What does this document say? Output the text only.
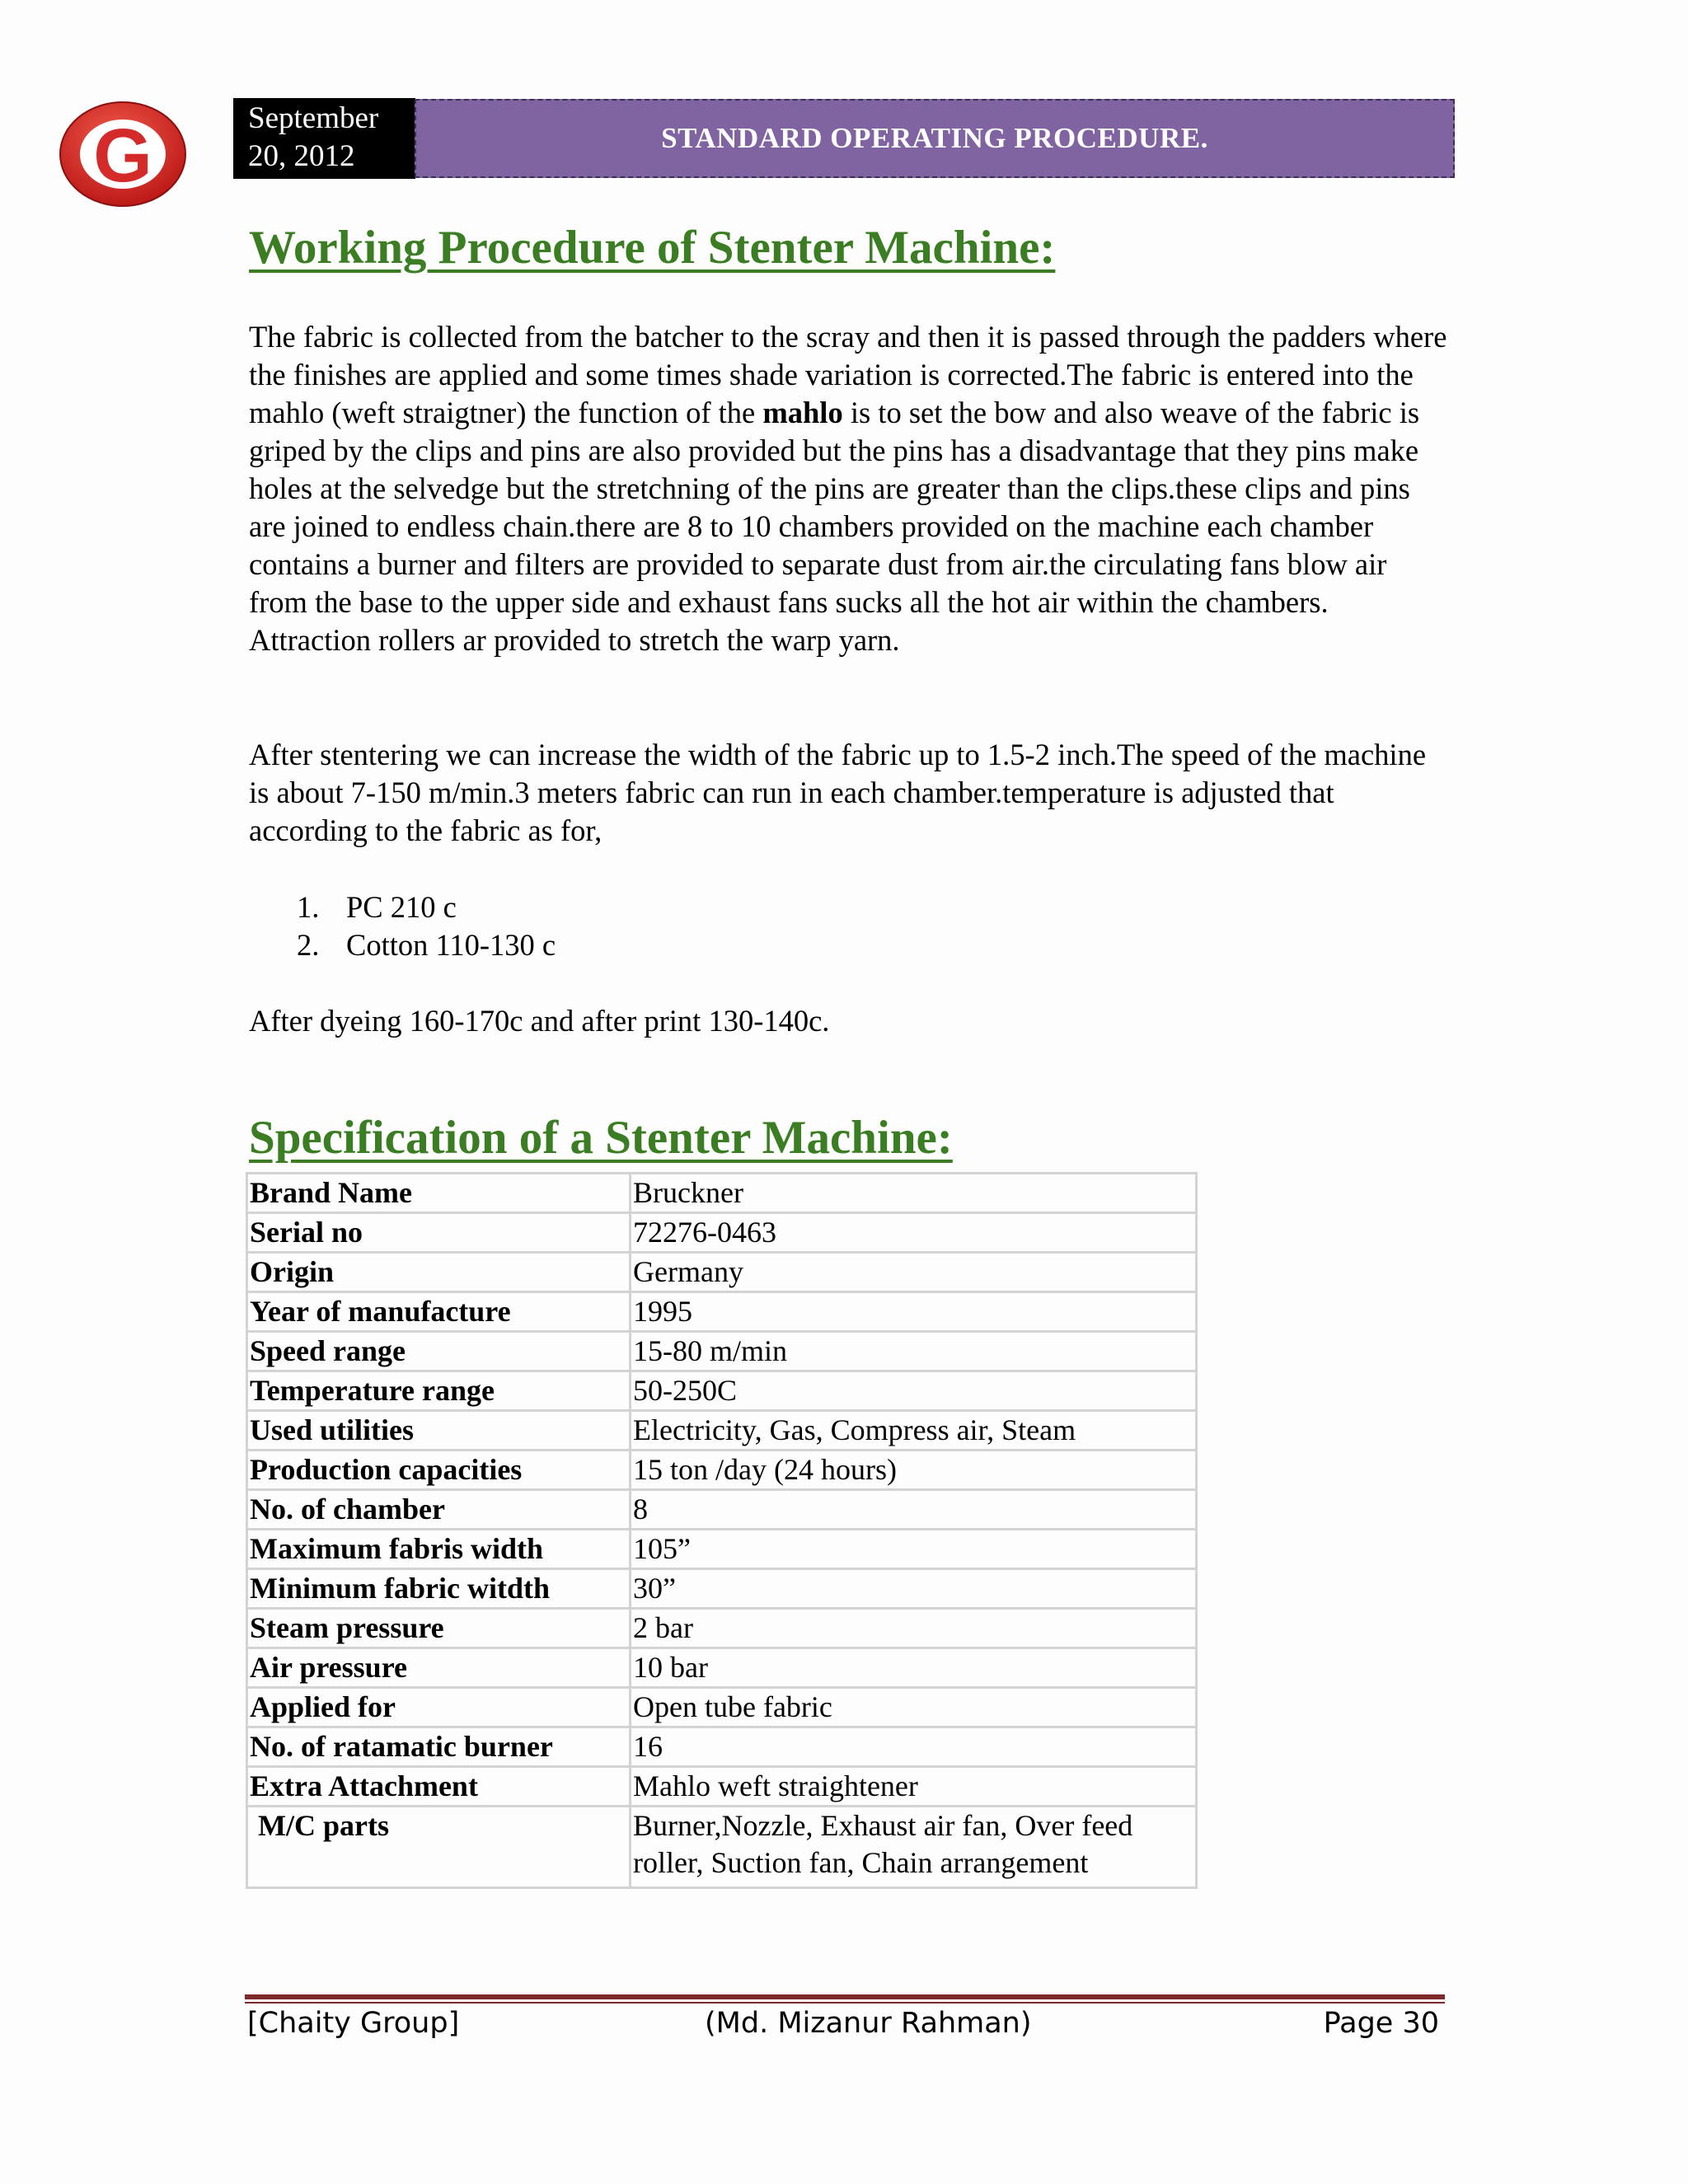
G	September 20, 2012
STANDARD OPERATING PROCEDURE.
Working Procedure of Stenter Machine:

The fabric is collected from the batcher to the scray and then it is passed through the padders where the finishes are applied and some times shade variation is corrected.The fabric is entered into the mahlo (weft straigtner) the function of the mahlo is to set the bow and also weave of the fabric is griped by the clips and pins are also provided but the pins has a disadvantage that they pins make holes at the selvedge but the stretchning of the pins are greater than the clips.these clips and pins are joined to endless chain.there are 8 to 10 chambers provided on the machine each chamber contains a burner and filters are provided to separate dust from air.the circulating fans blow air from the base to the upper side and exhaust fans sucks all the hot air within the chambers. Attraction rollers ar provided to stretch the warp yarn.

After stentering we can increase the width of the fabric up to 1.5-2 inch.The speed of the machine is about 7-150 m/min.3 meters fabric can run in each chamber.temperature is adjusted that according to the fabric as for,

1. PC 210 c
2. Cotton 110-130 c

After dyeing 160-170c and after print 130-140c.

Specification of a Stenter Machine:
Brand Name	Bruckner
Serial no	72276-0463
Origin	Germany
Year of manufacture	1995
Speed range	15-80 m/min
Temperature range	50-250C
Used utilities	Electricity, Gas, Compress air, Steam
Production capacities	15 ton /day (24 hours)
No. of chamber	8
Maximum fabris width	105”
Minimum fabric witdth	30”
Steam pressure	2 bar
Air pressure	10 bar
Applied for	Open tube fabric
No. of ratamatic burner	16
Extra Attachment	Mahlo weft straightener
M/C parts	Burner,Nozzle, Exhaust air fan, Over feed roller, Suction fan, Chain arrangement
[Chaity Group]	(Md. Mizanur Rahman)	Page 30
